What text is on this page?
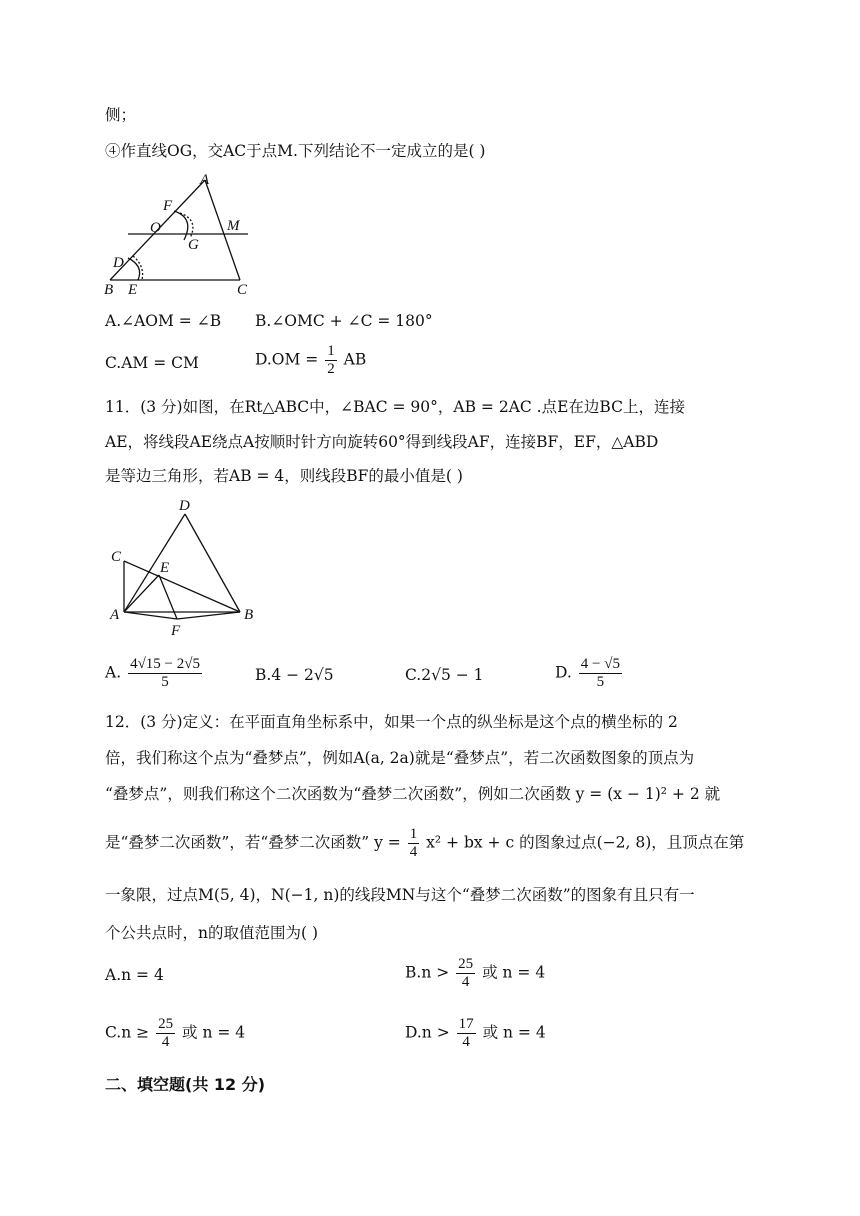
侧；
④作直线OG，交AC于点M.下列结论不一定成立的是( )
A
F
O	M
G
D
B E	C
A.∠AOM = ∠B B.∠OMC + ∠C = 180°
C.AM = CM	$D.OM = \frac{1}{2}$ AB
11．(3 分)如图，在Rt△ABC中，∠BAC = 90°，AB = 2AC .点E在边BC上，连接
AE，将线段AE绕点A按顺时针方向旋转60°得到线段AF，连接BF，EF，△ABD
是等边三角形，若AB = 4，则线段BF的最小值是( )
D
C
E
A	B
F
A. $\frac{4√15 - 2√5}{5}$	B.4 − 2√5	C.2√5 − 1	D. $\frac{4 - √5}{5}$
12．(3 分)定义：在平面直角坐标系中，如果一个点的纵坐标是这个点的横坐标的 2
倍，我们称这个点为“叠梦点”，例如A(a, 2a)就是“叠梦点”，若二次函数图象的顶点为
“叠梦点”，则我们称这个二次函数为“叠梦二次函数”，例如二次函数 y = (x − 1)² + 2 就
是“叠梦二次函数”，若“叠梦二次函数” $y = \frac{1}{4} x^2$ + bx + c 的图象过点(−2, 8)，且顶点在第
一象限，过点M(5, 4)，N(−1, n)的线段MN与这个“叠梦二次函数”的图象有且只有一
个公共点时，n的取值范围为( )
A.n = 4	$B.n > \frac{25}{4}$ 或 n = 4
$C.n \ge \frac{25}{4}$ 或 n = 4	$D.n > \frac{17}{4}$ 或 n = 4
二、填空题(共 12 分)
